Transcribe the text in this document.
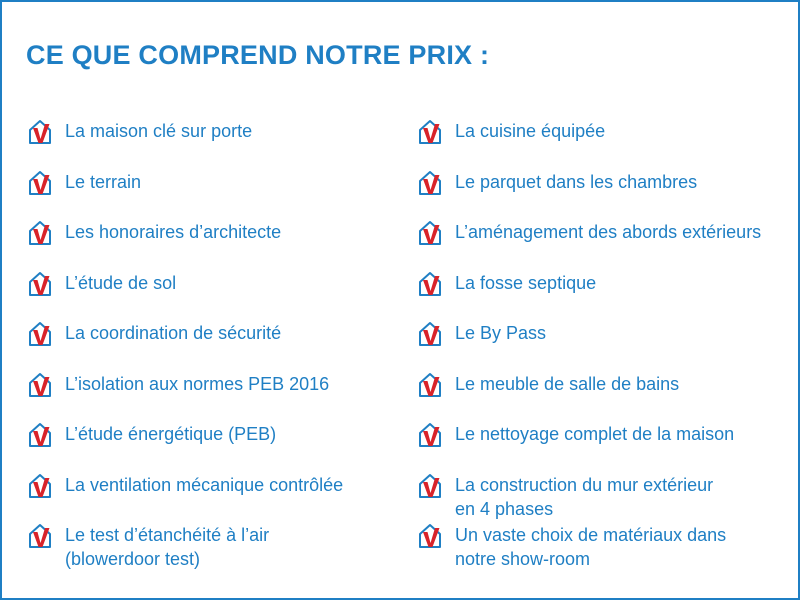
CE QUE COMPREND NOTRE PRIX :
La maison clé sur porte
Le terrain
Les honoraires d’architecte
L’étude de sol
La coordination de sécurité
L’isolation aux normes PEB 2016
L’étude énergétique (PEB)
La ventilation mécanique contrôlée
Le test d’étanchéité à l’air
(blowerdoor test)
La cuisine équipée
Le parquet dans les chambres
L’aménagement des abords extérieurs
La fosse septique
Le By Pass
Le meuble de salle de bains
Le nettoyage complet de la maison
La construction du mur extérieur
en 4 phases
Un vaste choix de matériaux dans
notre show-room
